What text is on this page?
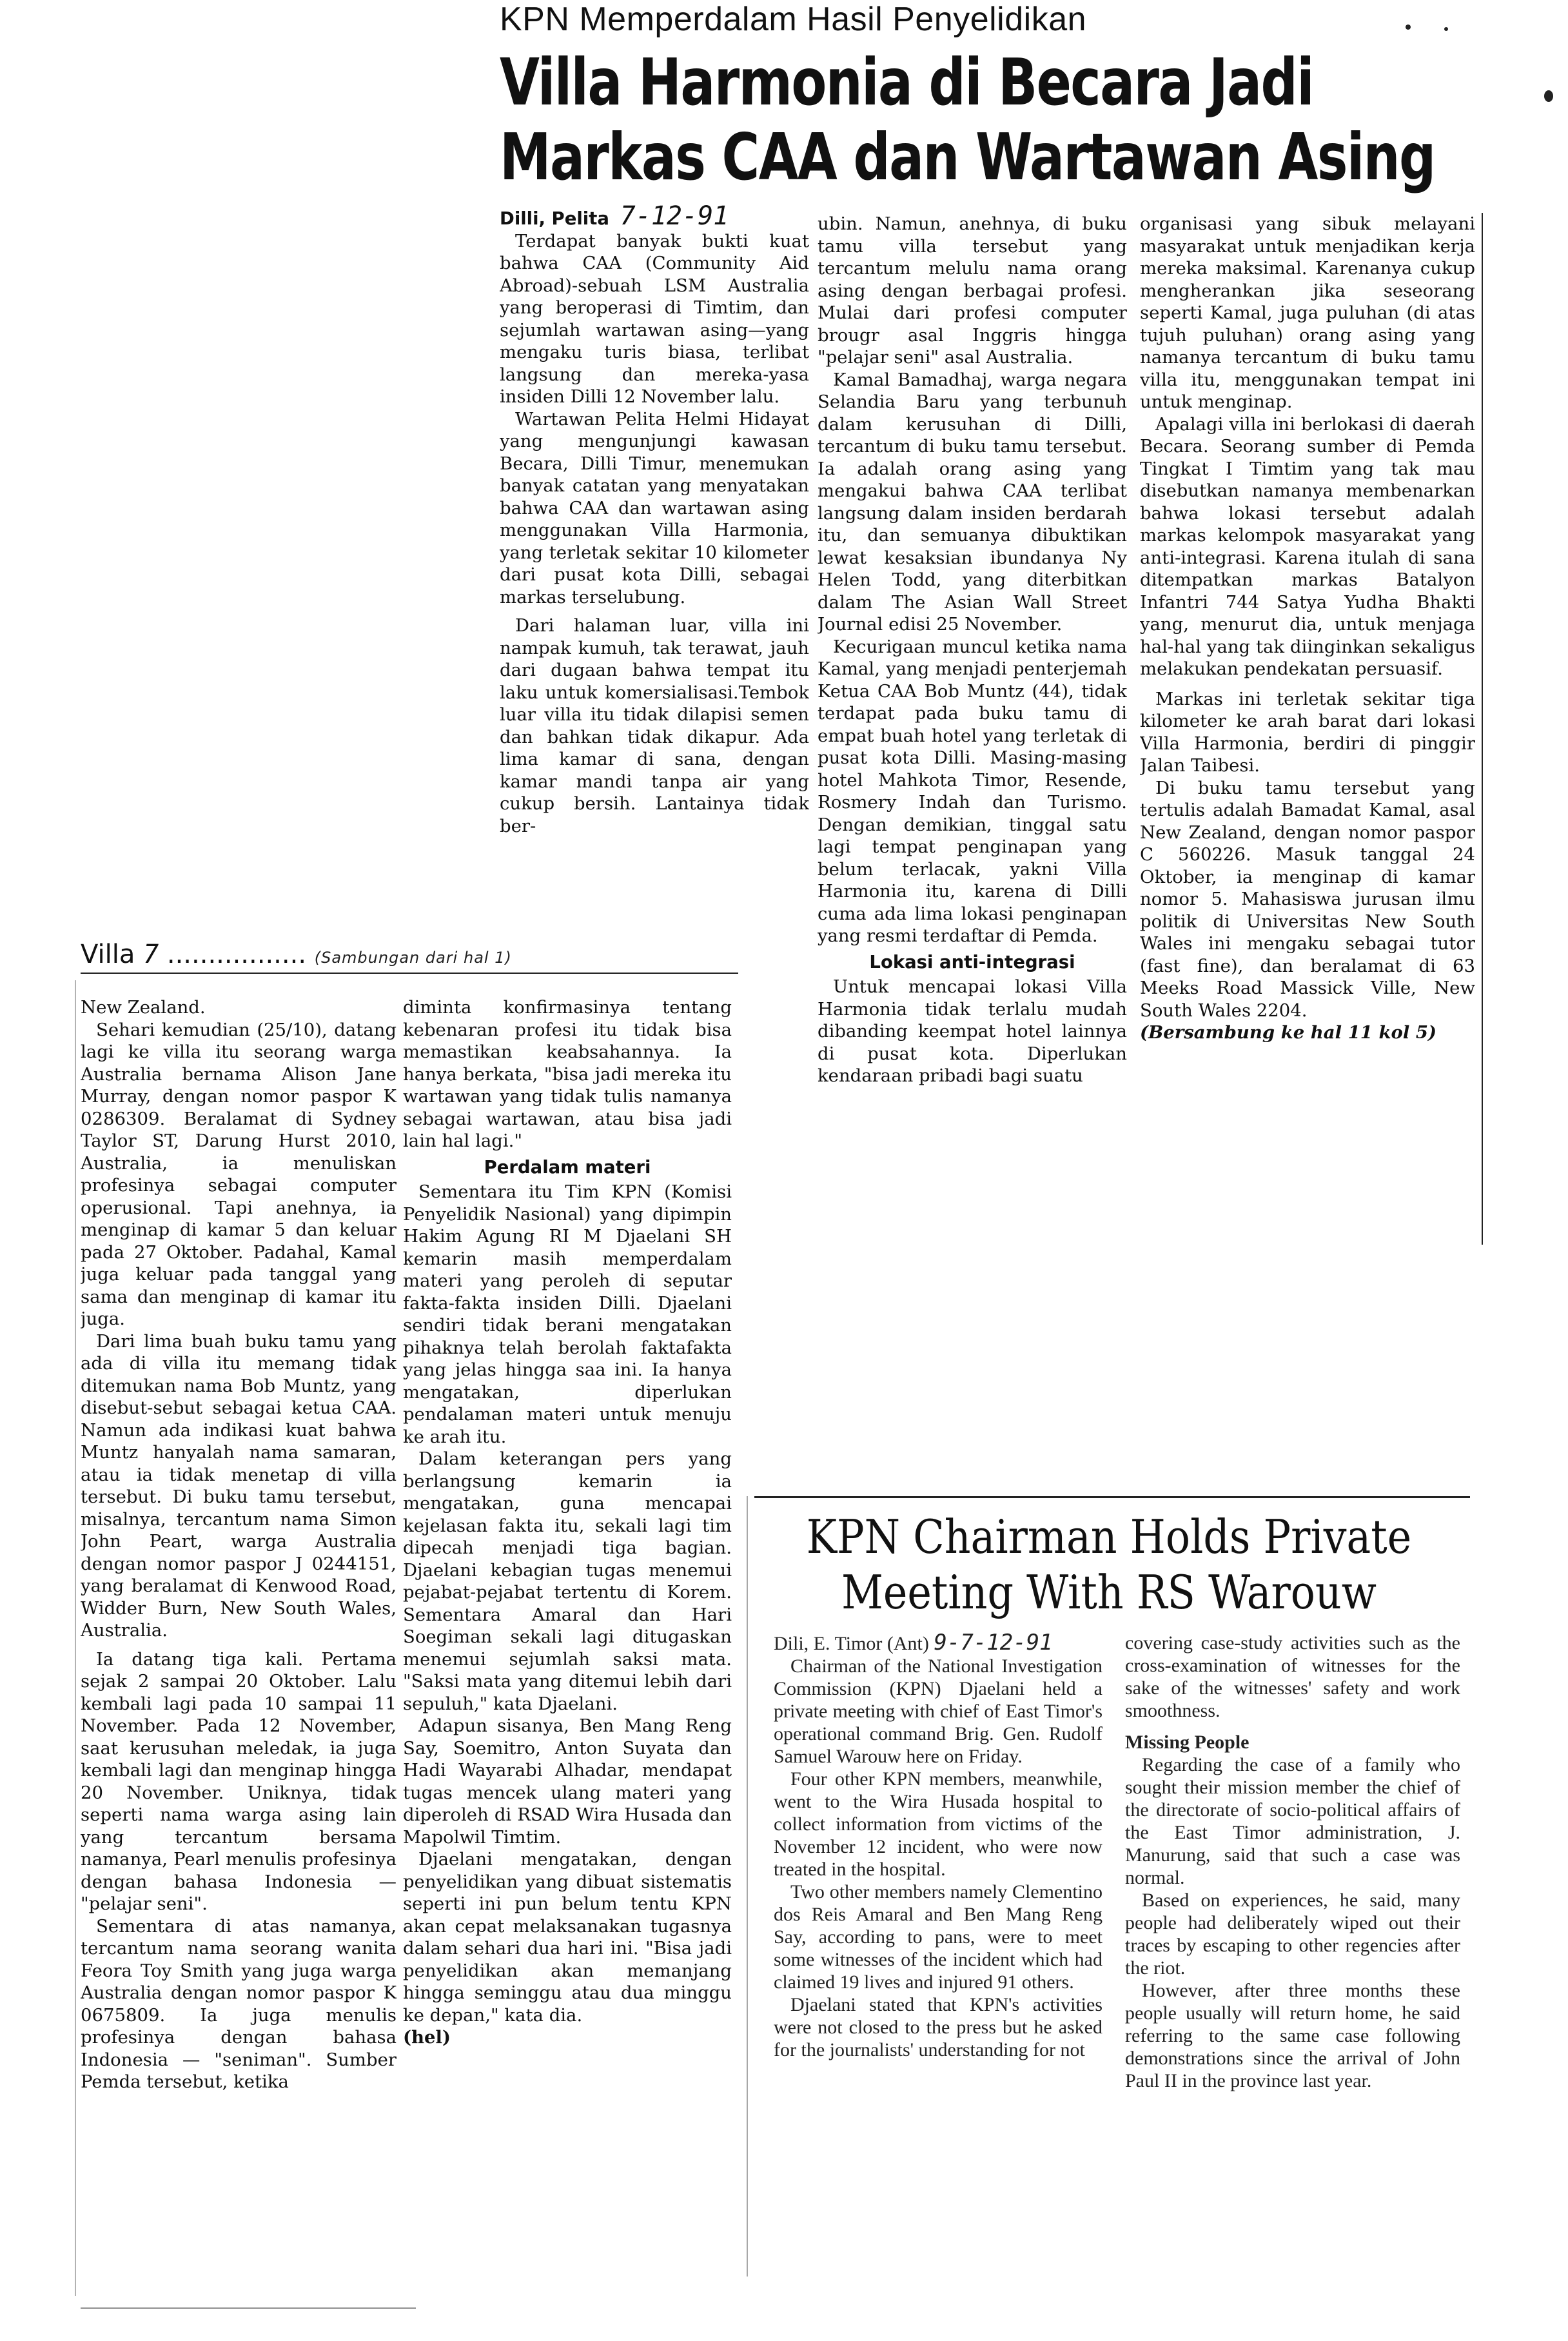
KPN Memperdalam Hasil Penyelidikan
Villa Harmonia di Becara Jadi
Markas CAA dan Wartawan Asing

Dilli, Pelita 7-12-91

Terdapat banyak bukti kuat bahwa CAA (Community Aid Abroad)-sebuah LSM Australia yang beroperasi di Timtim, dan sejumlah wartawan asing—yang mengaku turis biasa, terlibat langsung dan mereka-yasa insiden Dilli 12 November lalu.

Wartawan Pelita Helmi Hidayat yang mengunjungi kawasan Becara, Dilli Timur, menemukan banyak catatan yang menyatakan bahwa CAA dan wartawan asing menggunakan Villa Harmonia, yang terletak sekitar 10 kilometer dari pusat kota Dilli, sebagai markas terselubung.

Dari halaman luar, villa ini nampak kumuh, tak terawat, jauh dari dugaan bahwa tempat itu laku untuk komersialisasi.Tembok luar villa itu tidak dilapisi semen dan bahkan tidak dikapur. Ada lima kamar di sana, dengan kamar mandi tanpa air yang cukup bersih. Lantainya tidak ber-

ubin. Namun, anehnya, di buku tamu villa tersebut yang tercantum melulu nama orang asing dengan berbagai profesi. Mulai dari profesi computer brougr asal Inggris hingga "pelajar seni" asal Australia.

Kamal Bamadhaj, warga negara Selandia Baru yang terbunuh dalam kerusuhan di Dilli, tercantum di buku tamu tersebut. Ia adalah orang asing yang mengakui bahwa CAA terlibat langsung dalam insiden berdarah itu, dan semuanya dibuktikan lewat kesaksian ibundanya Ny Helen Todd, yang diterbitkan dalam The Asian Wall Street Journal edisi 25 November.

Kecurigaan muncul ketika nama Kamal, yang menjadi penterjemah Ketua CAA Bob Muntz (44), tidak terdapat pada buku tamu di empat buah hotel yang terletak di pusat kota Dilli. Masing-masing hotel Mahkota Timor, Resende, Rosmery Indah dan Turismo. Dengan demikian, tinggal satu lagi tempat penginapan yang belum terlacak, yakni Villa Harmonia itu, karena di Dilli cuma ada lima lokasi penginapan yang resmi terdaftar di Pemda.

Lokasi anti-integrasi

Untuk mencapai lokasi Villa Harmonia tidak terlalu mudah dibanding keempat hotel lainnya di pusat kota. Diperlukan kendaraan pribadi bagi suatu

organisasi yang sibuk melayani masyarakat untuk menjadikan kerja mereka maksimal. Karenanya cukup mengherankan jika seseorang seperti Kamal, juga puluhan (di atas tujuh puluhan) orang asing yang namanya tercantum di buku tamu villa itu, menggunakan tempat ini untuk menginap.

Apalagi villa ini berlokasi di daerah Becara. Seorang sumber di Pemda Tingkat I Timtim yang tak mau disebutkan namanya membenarkan bahwa lokasi tersebut adalah markas kelompok masyarakat yang anti-integrasi. Karena itulah di sana ditempatkan markas Batalyon Infantri 744 Satya Yudha Bhakti yang, menurut dia, untuk menjaga hal-hal yang tak diinginkan sekaligus melakukan pendekatan persuasif.

Markas ini terletak sekitar tiga kilometer ke arah barat dari lokasi Villa Harmonia, berdiri di pinggir Jalan Taibesi.

Di buku tamu tersebut yang tertulis adalah Bamadat Kamal, asal New Zealand, dengan nomor paspor C 560226. Masuk tanggal 24 Oktober, ia menginap di kamar nomor 5. Mahasiswa jurusan ilmu politik di Universitas New South Wales ini mengaku sebagai tutor (fast fine), dan beralamat di 63 Meeks Road Massick Ville, New South Wales 2204.

(Bersambung ke hal 11 kol 5)

Villa 7 ................. (Sambungan dari hal 1)

New Zealand.

Sehari kemudian (25/10), datang lagi ke villa itu seorang warga Australia bernama Alison Jane Murray, dengan nomor paspor K 0286309. Beralamat di Sydney Taylor ST, Darung Hurst 2010, Australia, ia menuliskan profesinya sebagai computer operusional. Tapi anehnya, ia menginap di kamar 5 dan keluar pada 27 Oktober. Padahal, Kamal juga keluar pada tanggal yang sama dan menginap di kamar itu juga.

Dari lima buah buku tamu yang ada di villa itu memang tidak ditemukan nama Bob Muntz, yang disebut-sebut sebagai ketua CAA. Namun ada indikasi kuat bahwa Muntz hanyalah nama samaran, atau ia tidak menetap di villa tersebut. Di buku tamu tersebut, misalnya, tercantum nama Simon John Peart, warga Australia dengan nomor paspor J 0244151, yang beralamat di Kenwood Road, Widder Burn, New South Wales, Australia.

Ia datang tiga kali. Pertama sejak 2 sampai 20 Oktober. Lalu kembali lagi pada 10 sampai 11 November. Pada 12 November, saat kerusuhan meledak, ia juga kembali lagi dan menginap hingga 20 November. Uniknya, tidak seperti nama warga asing lain yang tercantum bersama namanya, Pearl menulis profesinya dengan bahasa Indonesia — "pelajar seni".

Sementara di atas namanya, tercantum nama seorang wanita Feora Toy Smith yang juga warga Australia dengan nomor paspor K 0675809. Ia juga menulis profesinya dengan bahasa Indonesia — "seniman". Sumber Pemda tersebut, ketika

diminta konfirmasinya tentang kebenaran profesi itu tidak bisa memastikan keabsahannya. Ia hanya berkata, "bisa jadi mereka itu wartawan yang tidak tulis namanya sebagai wartawan, atau bisa jadi lain hal lagi."

Perdalam materi

Sementara itu Tim KPN (Komisi Penyelidik Nasional) yang dipimpin Hakim Agung RI M Djaelani SH kemarin masih memperdalam materi yang peroleh di seputar fakta-fakta insiden Dilli. Djaelani sendiri tidak berani mengatakan pihaknya telah berolah faktafakta yang jelas hingga saa ini. Ia hanya mengatakan, diperlukan pendalaman materi untuk menuju ke arah itu.

Dalam keterangan pers yang berlangsung kemarin ia mengatakan, guna mencapai kejelasan fakta itu, sekali lagi tim dipecah menjadi tiga bagian. Djaelani kebagian tugas menemui pejabat-pejabat tertentu di Korem. Sementara Amaral dan Hari Soegiman sekali lagi ditugaskan menemui sejumlah saksi mata. "Saksi mata yang ditemui lebih dari sepuluh," kata Djaelani.

Adapun sisanya, Ben Mang Reng Say, Soemitro, Anton Suyata dan Hadi Wayarabi Alhadar, mendapat tugas mencek ulang materi yang diperoleh di RSAD Wira Husada dan Mapolwil Timtim.

Djaelani mengatakan, dengan penyelidikan yang dibuat sistematis seperti ini pun belum tentu KPN akan cepat melaksanakan tugasnya dalam sehari dua hari ini. "Bisa jadi penyelidikan akan memanjang hingga seminggu atau dua minggu ke depan," kata dia.

(hel)

KPN Chairman Holds Private
Meeting With RS Warouw

Dili, E. Timor (Ant) 9-7-12-91

Chairman of the National Investigation Commission (KPN) Djaelani held a private meeting with chief of East Timor's operational command Brig. Gen. Rudolf Samuel Warouw here on Friday.

Four other KPN members, meanwhile, went to the Wira Husada hospital to collect information from victims of the November 12 incident, who were now treated in the hospital.

Two other members namely Clementino dos Reis Amaral and Ben Mang Reng Say, according to pans, were to meet some witnesses of the incident which had claimed 19 lives and injured 91 others.

Djaelani stated that KPN's activities were not closed to the press but he asked for the journalists' understanding for not

covering case-study activities such as the cross-examination of witnesses for the sake of the witnesses' safety and work smoothness.

Missing People

Regarding the case of a family who sought their mission member the chief of the directorate of socio-political affairs of the East Timor administration, J. Manurung, said that such a case was normal.

Based on experiences, he said, many people had deliberately wiped out their traces by escaping to other regencies after the riot.

However, after three months these people usually will return home, he said referring to the same case following demonstrations since the arrival of John Paul II in the province last year.
